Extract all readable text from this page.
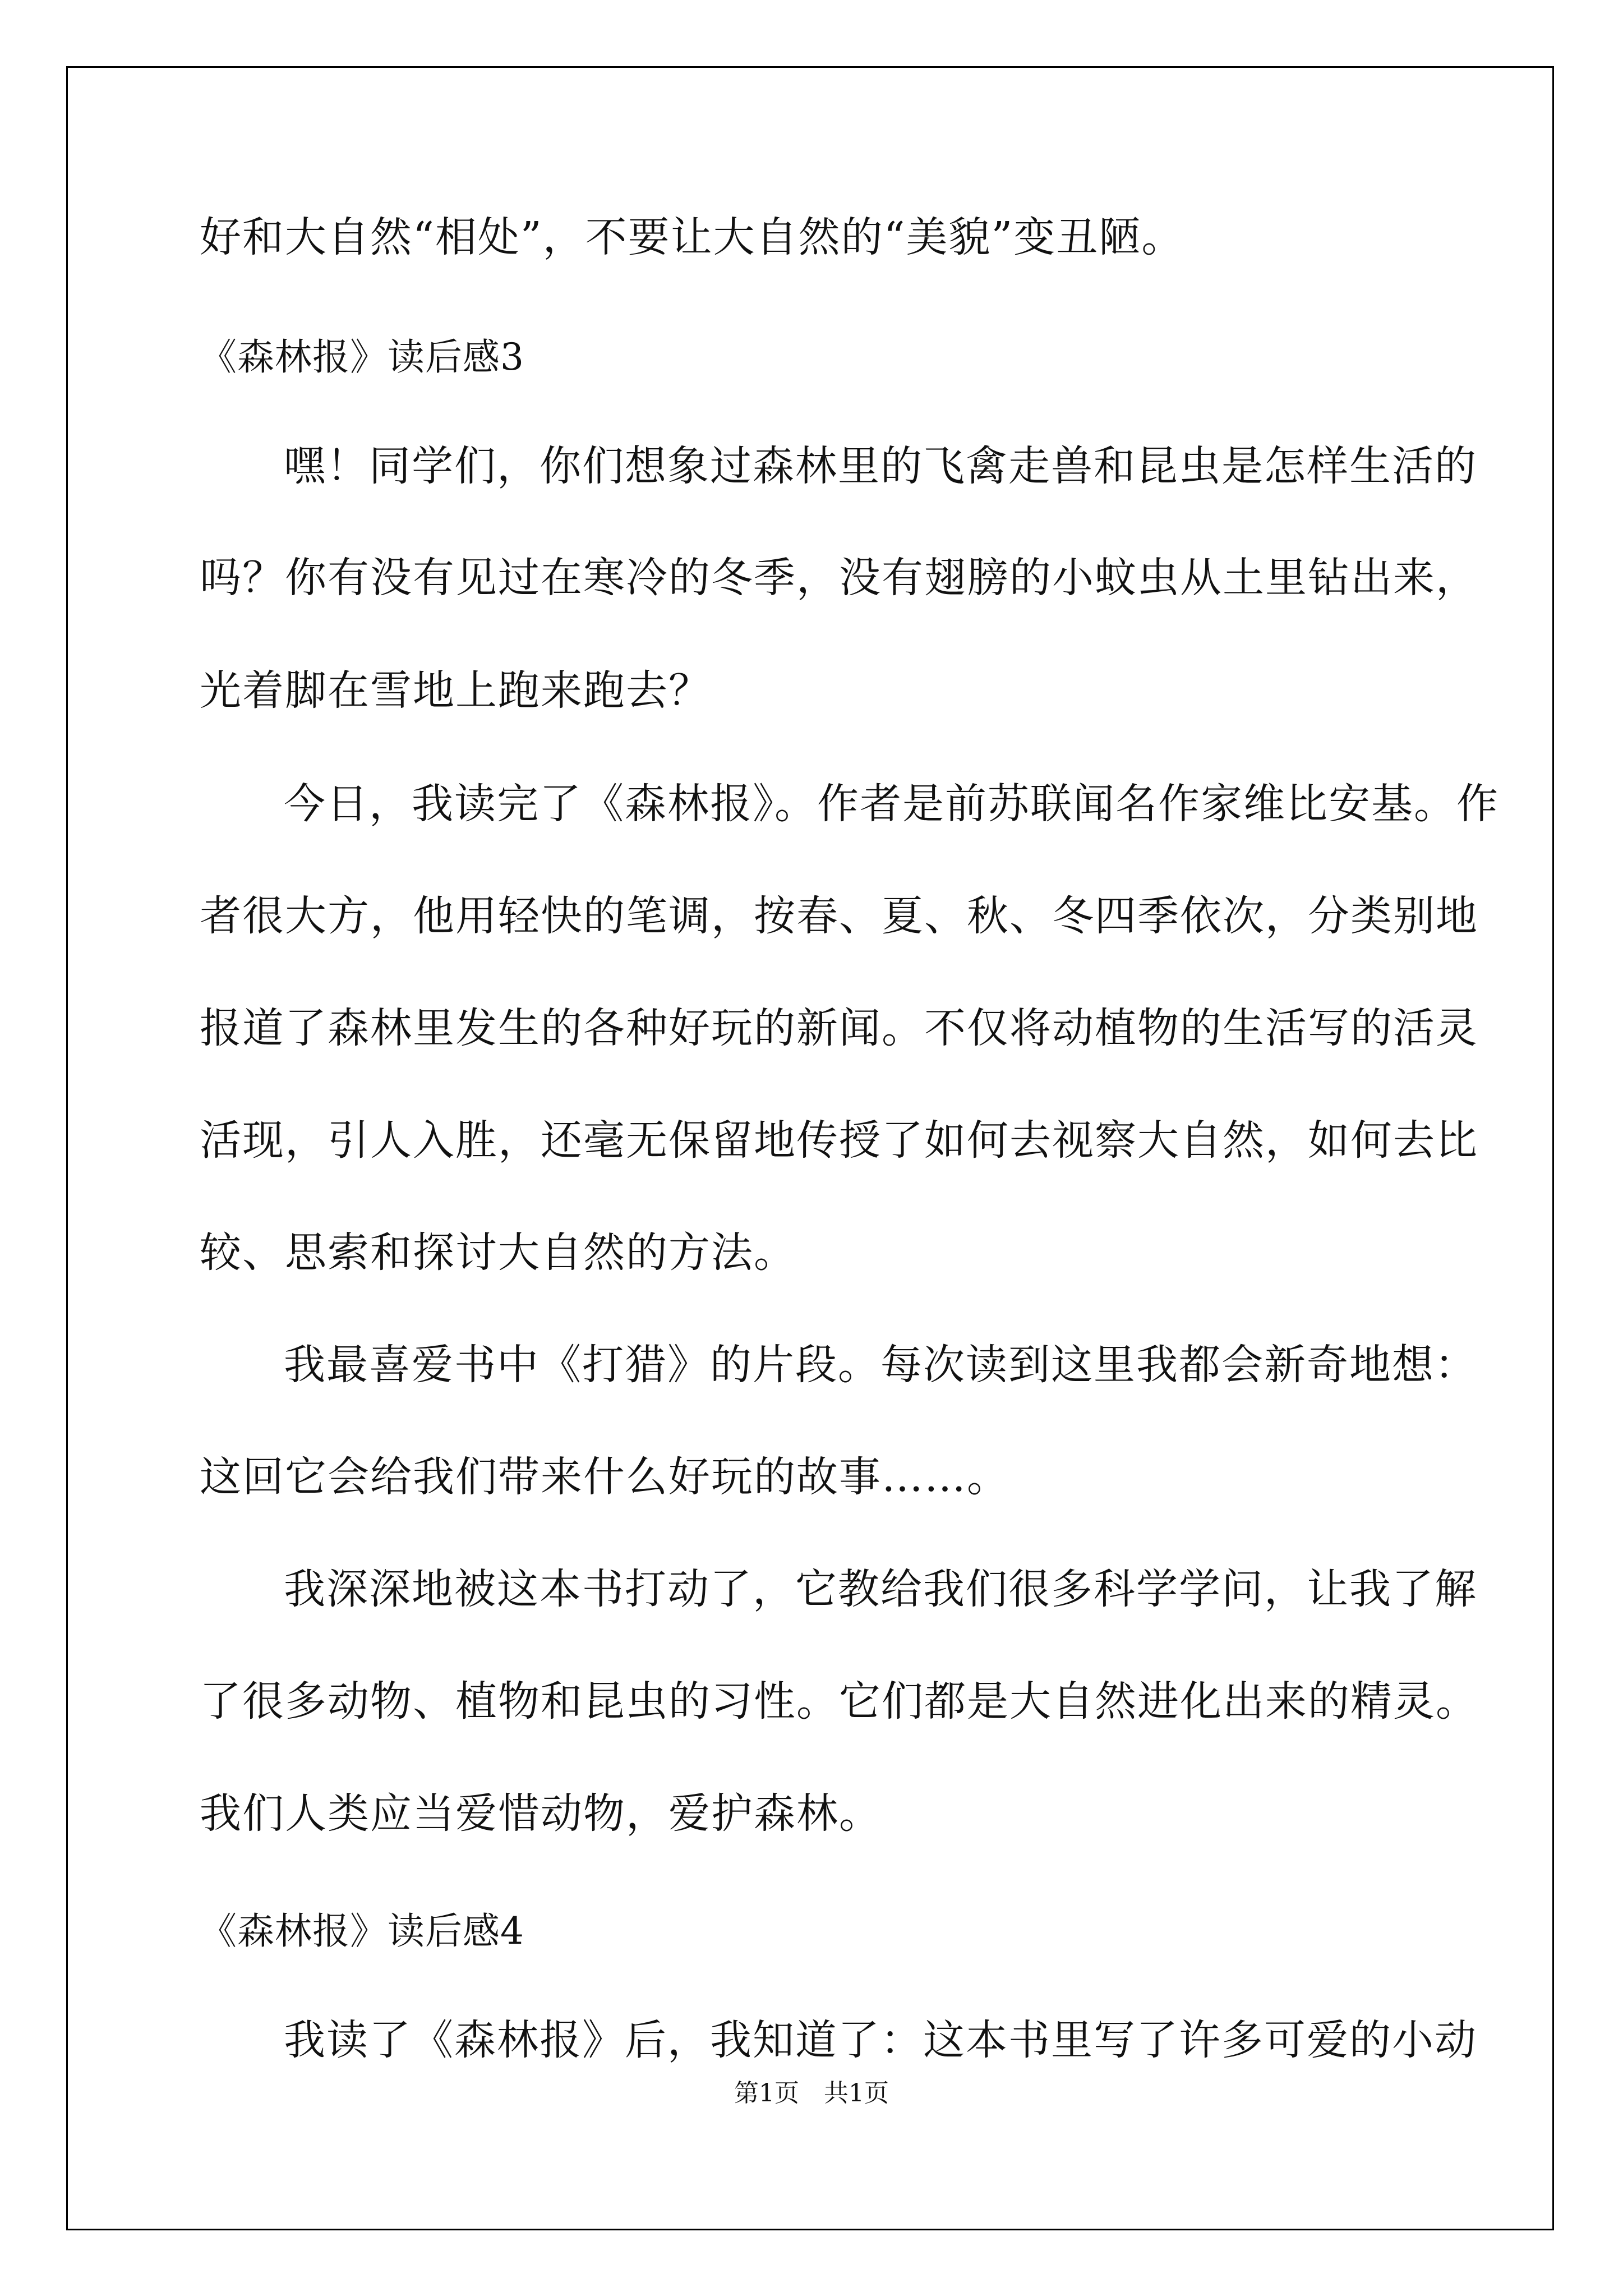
好和大自然“相处”，不要让大自然的“美貌”变丑陋。
《森林报》读后感3
嘿！同学们，你们想象过森林里的飞禽走兽和昆虫是怎样生活的
吗？你有没有见过在寒冷的冬季，没有翅膀的小蚊虫从土里钻出来，
光着脚在雪地上跑来跑去？
今日，我读完了《森林报》。作者是前苏联闻名作家维比安基。作
者很大方，他用轻快的笔调，按春、夏、秋、冬四季依次，分类别地
报道了森林里发生的各种好玩的新闻。不仅将动植物的生活写的活灵
活现，引人入胜，还毫无保留地传授了如何去视察大自然，如何去比
较、思索和探讨大自然的方法。
我最喜爱书中《打猎》的片段。每次读到这里我都会新奇地想：
这回它会给我们带来什么好玩的故事……。
我深深地被这本书打动了，它教给我们很多科学学问，让我了解
了很多动物、植物和昆虫的习性。它们都是大自然进化出来的精灵。
我们人类应当爱惜动物，爱护森林。
《森林报》读后感4
我读了《森林报》后，我知道了：这本书里写了许多可爱的小动
第1页　共1页
